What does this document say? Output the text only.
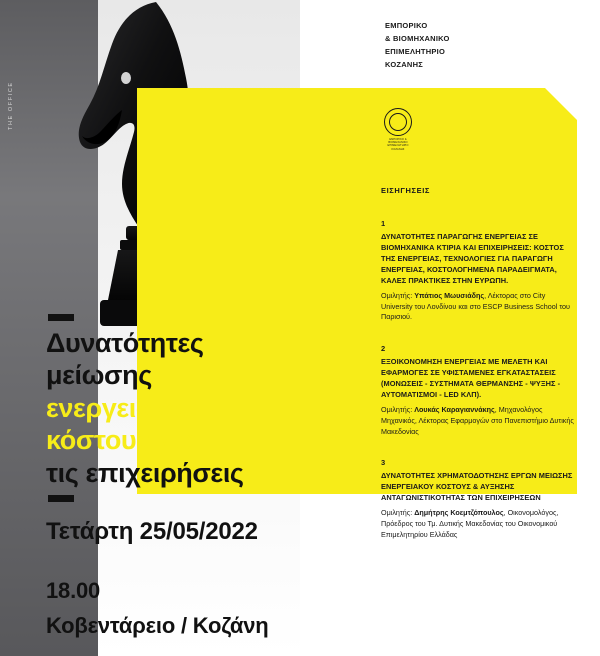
THE OFFICE
ΕΜΠΟΡΙΚΟ
& ΒΙΟΜΗΧΑΝΙΚΟ
ΕΠΙΜΕΛΗΤΗΡΙΟ
ΚΟΖΑΝΗΣ
ΕΜΠΟΡΙΚΟ & ΒΙΟΜΗΧΑΝΙΚΟ ΕΠΙΜΕΛΗΤΗΡΙΟ ΚΟΖΑΝΗΣ
ΕΙΣΗΓΗΣΕΙΣ
1
ΔΥΝΑΤΟΤΗΤΕΣ ΠΑΡΑΓΩΓΗΣ ΕΝΕΡΓΕΙΑΣ ΣΕ ΒΙΟΜΗΧΑΝΙΚΑ ΚΤΙΡΙΑ ΚΑΙ ΕΠΙΧΕΙΡΗΣΕΙΣ: ΚΟΣΤΟΣ ΤΗΣ ΕΝΕΡΓΕΙΑΣ, ΤΕΧΝΟΛΟΓΙΕΣ ΓΙΑ ΠΑΡΑΓΩΓΗ ΕΝΕΡΓΕΙΑΣ, ΚΟΣΤΟΛΟΓΗΜΕΝΑ ΠΑΡΑΔΕΙΓΜΑΤΑ, ΚΑΛΕΣ ΠΡΑΚΤΙΚΕΣ ΣΤΗΝ ΕΥΡΩΠΗ.
Ομιλητής: Υπάτιος Μωυσιάδης, Λέκτορας στο City University του Λονδίνου και στο ESCP Business School του Παρισιού.
2
ΕΞΟΙΚΟΝΟΜΗΣΗ ΕΝΕΡΓΕΙΑΣ ΜΕ ΜΕΛΕΤΗ ΚΑΙ ΕΦΑΡΜΟΓΕΣ ΣΕ ΥΦΙΣΤΑΜΕΝΕΣ ΕΓΚΑΤΑΣΤΑΣΕΙΣ (ΜΟΝΩΣΕΙΣ - ΣΥΣΤΗΜΑΤΑ ΘΕΡΜΑΝΣΗΣ - ΨΥΞΗΣ - ΑΥΤΟΜΑΤΙΣΜΟΙ - LED ΚΛΠ).
Ομιλητής: Λουκάς Καραγιαννάκης, Μηχανολόγος Μηχανικός, Λέκτορας Εφαρμογών στο Πανεπιστήμιο Δυτικής Μακεδονίας
3
ΔΥΝΑΤΟΤΗΤΕΣ ΧΡΗΜΑΤΟΔΟΤΗΣΗΣ ΕΡΓΩΝ ΜΕΙΩΣΗΣ ΕΝΕΡΓΕΙΑΚΟΥ ΚΟΣΤΟΥΣ & ΑΥΞΗΣΗΣ ΑΝΤΑΓΩΝΙΣΤΙΚΟΤΗΤΑΣ ΤΩΝ ΕΠΙΧΕΙΡΗΣΕΩΝ
Ομιλητής: Δημήτρης Κοεμτζόπουλος, Οικονομολόγος, Πρόεδρος του Τμ. Δυτικής Μακεδονίας του Οικονομικού Επιμελητηρίου Ελλάδας
Δυνατότητες
μείωσης
ενεργειακού
κόστους για
τις επιχειρήσεις
Τετάρτη 25/05/2022
18.00
Κοβεντάρειο / Κοζάνη
